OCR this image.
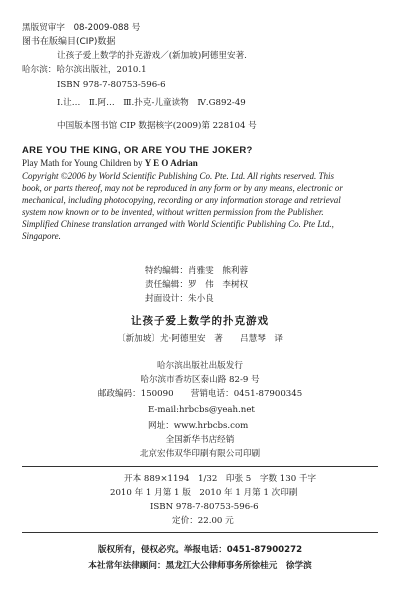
黑版贸审字　08-2009-088 号
图书在版编目(CIP)数据
让孩子爱上数学的扑克游戏／(新加坡)阿德里安著.
哈尔滨：哈尔滨出版社，2010.1
ISBN 978-7-80753-596-6
Ⅰ.让…　Ⅱ.阿…　Ⅲ.扑克-儿童读物　Ⅳ.G892-49
中国版本图书馆 CIP 数据核字(2009)第 228104 号
ARE YOU THE KING, OR ARE YOU THE JOKER?
Play Math for Young Children by Y E O Adrian
Copyright ©2006 by World Scientific Publishing Co. Pte. Ltd. All rights reserved. This
book, or parts thereof, may not be reproduced in any form or by any means, electronic or
mechanical, including photocopying, recording or any information storage and retrieval
system now known or to be invented, without written permission from the Publisher.
Simplified Chinese translation arranged with World Scientific Publishing Co. Pte Ltd.,
Singapore.
特约编辑：肖雅雯　熊利蓉
责任编辑：罗　伟　李树权
封面设计：朱小良
让孩子爱上数学的扑克游戏
〔新加坡〕尤·阿德里安　著　　吕慧琴　译
哈尔滨出版社出版发行
哈尔滨市香坊区泰山路 82-9 号
邮政编码：150090　　营销电话：0451-87900345
E-mail:hrbcbs@yeah.net
网址：www.hrbcbs.com
全国新华书店经销
北京宏伟双华印刷有限公司印刷
开本 889×1194　1/32　印张 5　字数 130 千字
2010 年 1 月第 1 版　2010 年 1 月第 1 次印刷
ISBN 978-7-80753-596-6
定价：22.00 元
版权所有，侵权必究。举报电话：0451-87900272
本社常年法律顾问：黑龙江大公律师事务所徐桂元　徐学滨
